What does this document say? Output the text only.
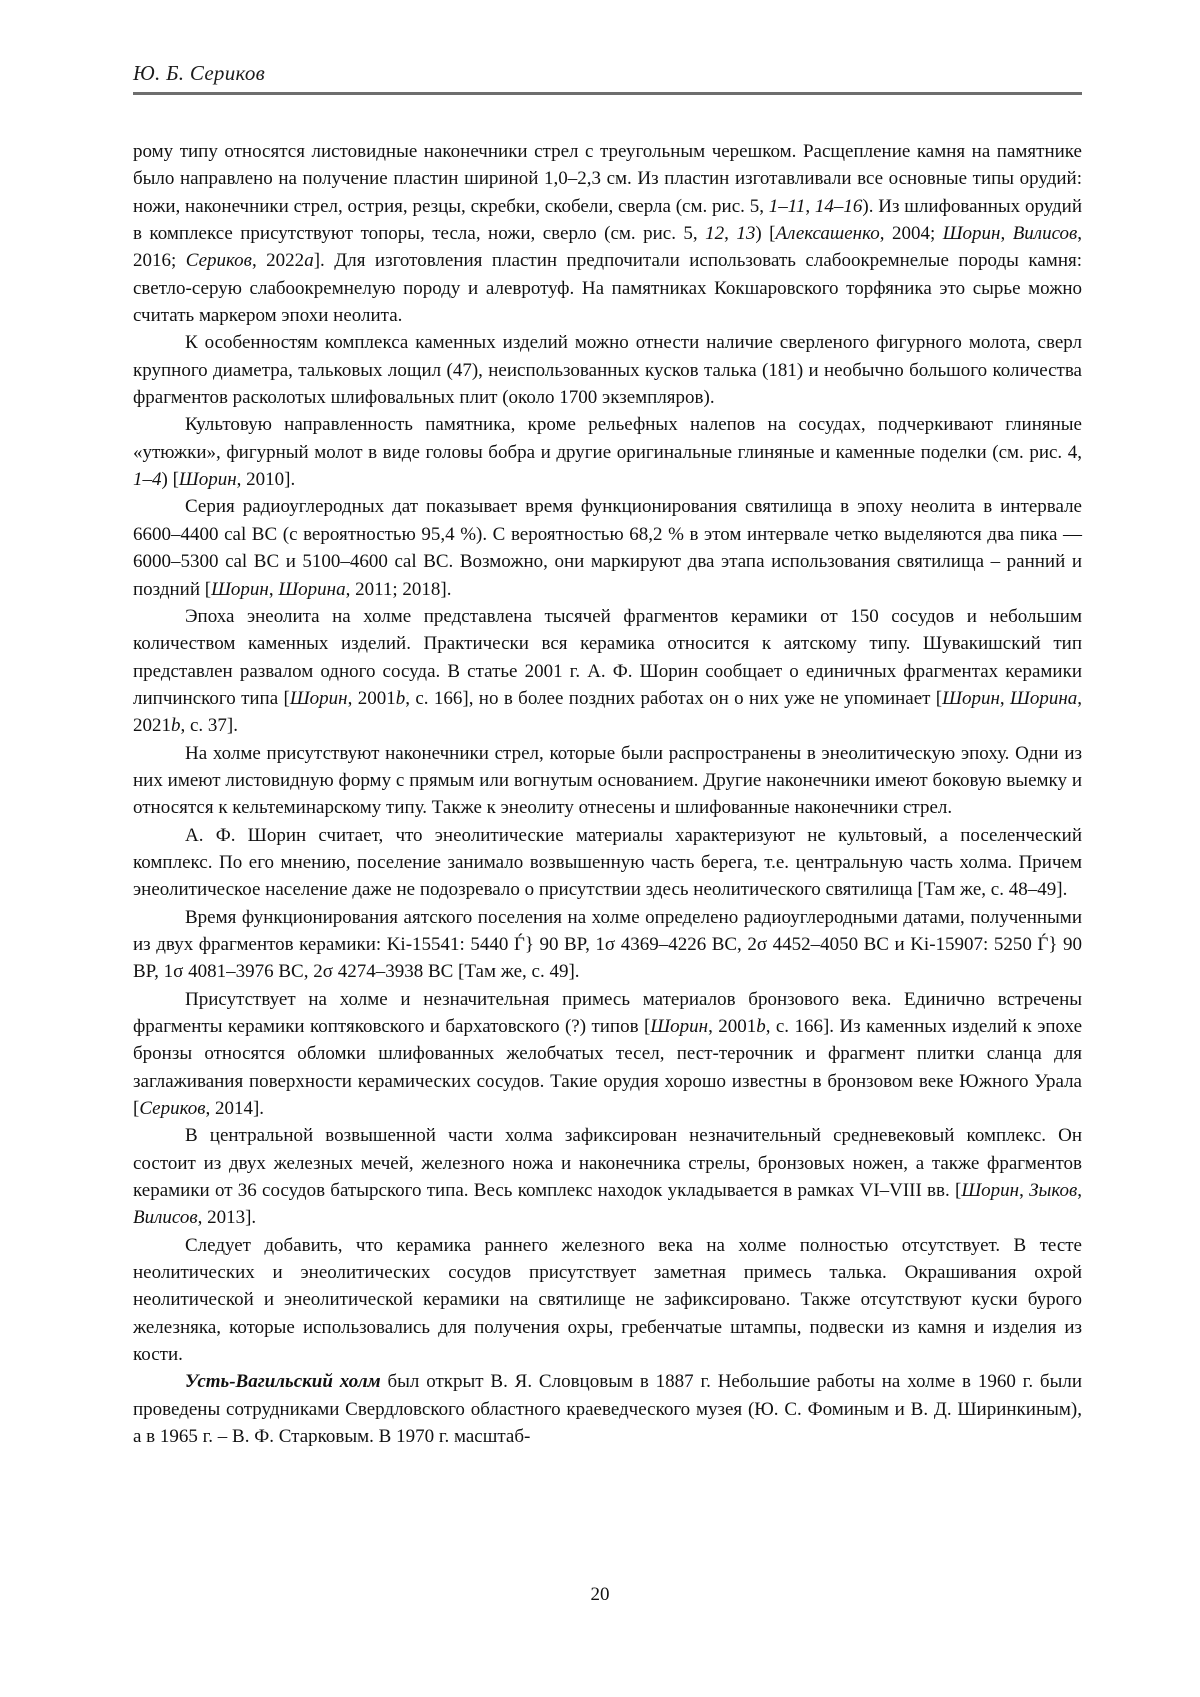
Ю. Б. Сериков

рому типу относятся листовидные наконечники стрел с треугольным черешком. Расщепление камня на памятнике было направлено на получение пластин шириной 1,0–2,3 см. Из пластин изготавливали все основные типы орудий: ножи, наконечники стрел, острия, резцы, скребки, скобели, сверла (см. рис. 5, 1–11, 14–16). Из шлифованных орудий в комплексе присутствуют топоры, тесла, ножи, сверло (см. рис. 5, 12, 13) [Алексашенко, 2004; Шорин, Вилисов, 2016; Сериков, 2022а]. Для изготовления пластин предпочитали использовать слабоокремнелые породы камня: светло-серую слабоокремнелую породу и алевротуф. На памятниках Кокшаровского торфяника это сырье можно считать маркером эпохи неолита.

К особенностям комплекса каменных изделий можно отнести наличие сверленого фигурного молота, сверл крупного диаметра, тальковых лощил (47), неиспользованных кусков талька (181) и необычно большого количества фрагментов расколотых шлифовальных плит (около 1700 экземпляров).

Культовую направленность памятника, кроме рельефных налепов на сосудах, подчеркивают глиняные «утюжки», фигурный молот в виде головы бобра и другие оригинальные глиняные и каменные поделки (см. рис. 4, 1–4) [Шорин, 2010].

Серия радиоуглеродных дат показывает время функционирования святилища в эпоху неолита в интервале 6600–4400 cal BC (с вероятностью 95,4 %). С вероятностью 68,2 % в этом интервале четко выделяются два пика — 6000–5300 cal BC и 5100–4600 cal BC. Возможно, они маркируют два этапа использования святилища – ранний и поздний [Шорин, Шорина, 2011; 2018].

Эпоха энеолита на холме представлена тысячей фрагментов керамики от 150 сосудов и небольшим количеством каменных изделий. Практически вся керамика относится к аятскому типу. Шувакишский тип представлен развалом одного сосуда. В статье 2001 г. А. Ф. Шорин сообщает о единичных фрагментах керамики липчинского типа [Шорин, 2001b, с. 166], но в более поздних работах он о них уже не упоминает [Шорин, Шорина, 2021b, с. 37].

На холме присутствуют наконечники стрел, которые были распространены в энеолитическую эпоху. Одни из них имеют листовидную форму с прямым или вогнутым основанием. Другие наконечники имеют боковую выемку и относятся к кельтеминарскому типу. Также к энеолиту отнесены и шлифованные наконечники стрел.

А. Ф. Шорин считает, что энеолитические материалы характеризуют не культовый, а поселенческий комплекс. По его мнению, поселение занимало возвышенную часть берега, т.е. центральную часть холма. Причем энеолитическое население даже не подозревало о присутствии здесь неолитического святилища [Там же, с. 48–49].

Время функционирования аятского поселения на холме определено радиоуглеродными датами, полученными из двух фрагментов керамики: Ki-15541: 5440 Ѓ} 90 BP, 1σ 4369–4226 BC, 2σ 4452–4050 BC и Ki-15907: 5250 Ѓ} 90 BP, 1σ 4081–3976 BC, 2σ 4274–3938 BC [Там же, с. 49].

Присутствует на холме и незначительная примесь материалов бронзового века. Единично встречены фрагменты керамики коптяковского и бархатовского (?) типов [Шорин, 2001b, с. 166]. Из каменных изделий к эпохе бронзы относятся обломки шлифованных желобчатых тесел, пест-терочник и фрагмент плитки сланца для заглаживания поверхности керамических сосудов. Такие орудия хорошо известны в бронзовом веке Южного Урала [Сериков, 2014].

В центральной возвышенной части холма зафиксирован незначительный средневековый комплекс. Он состоит из двух железных мечей, железного ножа и наконечника стрелы, бронзовых ножен, а также фрагментов керамики от 36 сосудов батырского типа. Весь комплекс находок укладывается в рамках VI–VIII вв. [Шорин, Зыков, Вилисов, 2013].

Следует добавить, что керамика раннего железного века на холме полностью отсутствует. В тесте неолитических и энеолитических сосудов присутствует заметная примесь талька. Окрашивания охрой неолитической и энеолитической керамики на святилище не зафиксировано. Также отсутствуют куски бурого железняка, которые использовались для получения охры, гребенчатые штампы, подвески из камня и изделия из кости.

Усть-Вагильский холм был открыт В. Я. Словцовым в 1887 г. Небольшие работы на холме в 1960 г. были проведены сотрудниками Свердловского областного краеведческого музея (Ю. С. Фоминым и В. Д. Ширинкиным), а в 1965 г. – В. Ф. Старковым. В 1970 г. масштаб-

20
